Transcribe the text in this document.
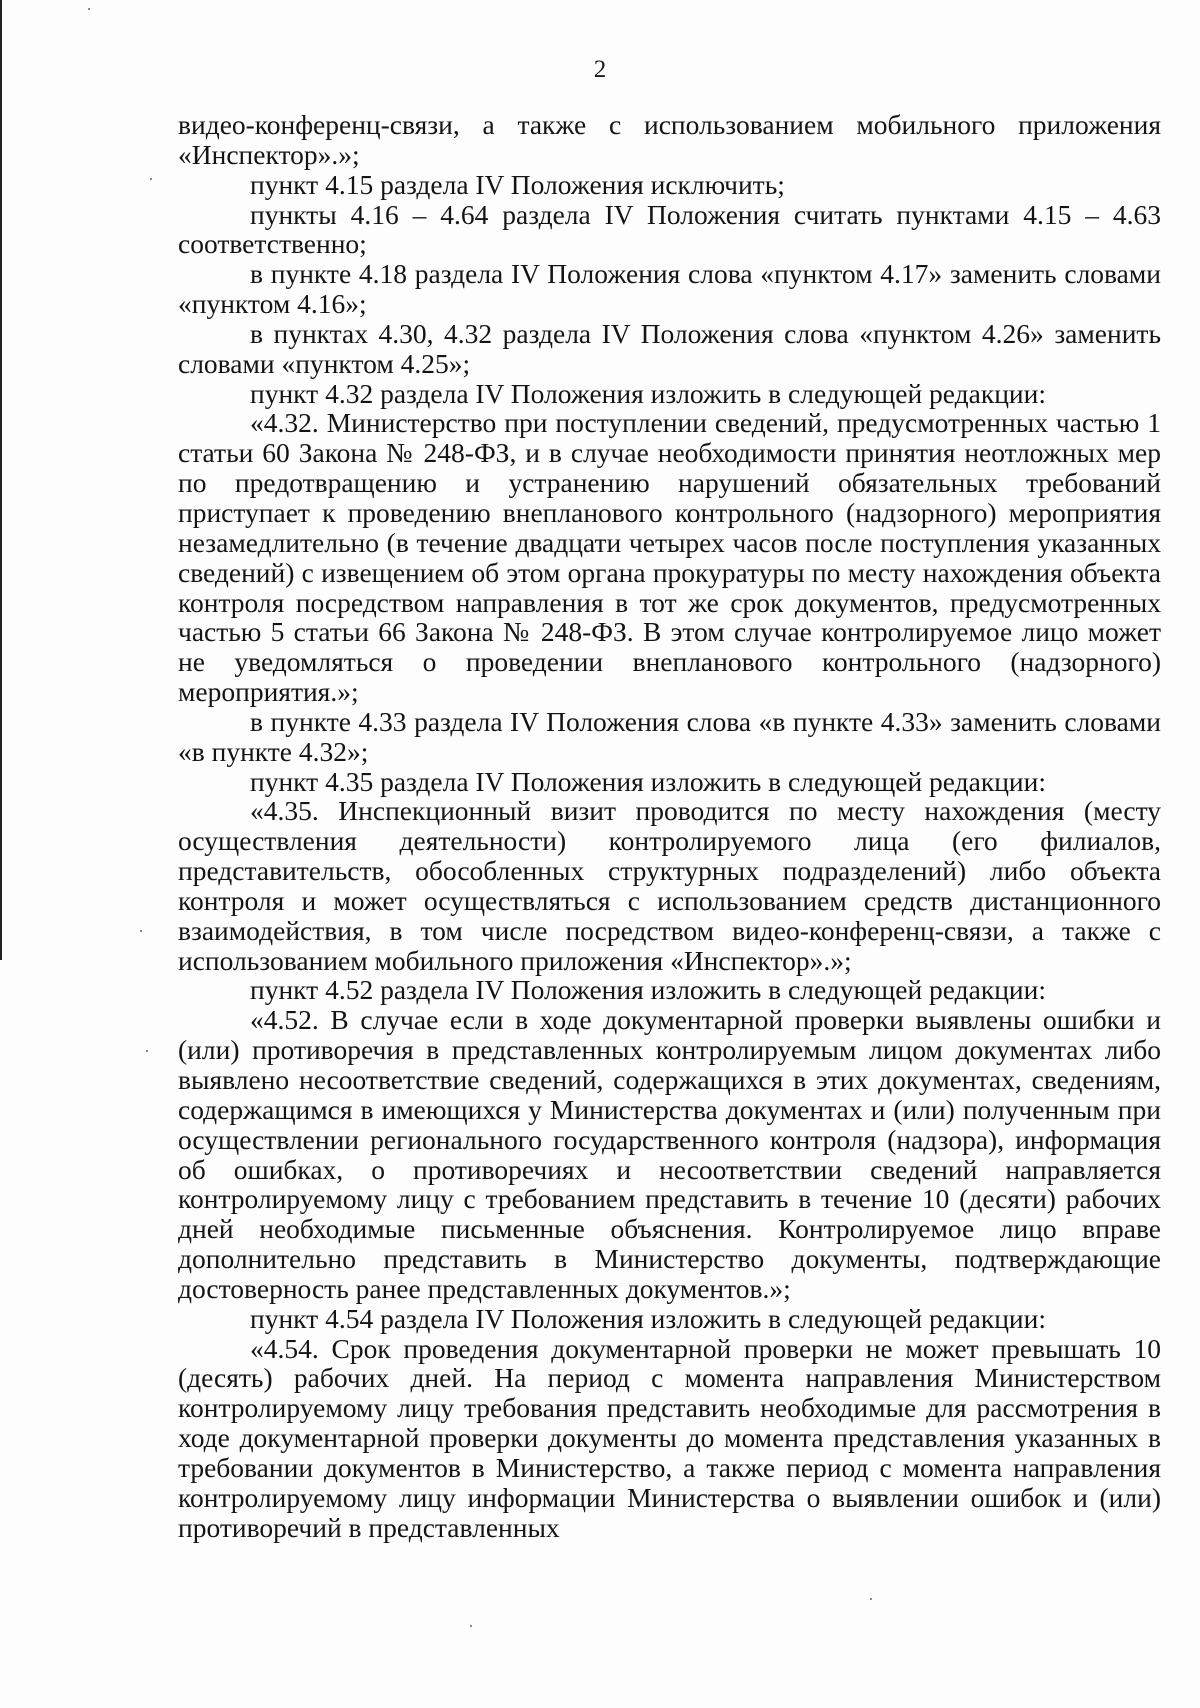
2

видео-конференц-связи, а также с использованием мобильного приложения «Инспектор».»;

пункт 4.15 раздела IV Положения исключить;

пункты 4.16 – 4.64 раздела IV Положения считать пунктами 4.15 – 4.63 соответственно;

в пункте 4.18 раздела IV Положения слова «пунктом 4.17» заменить словами «пунктом 4.16»;

в пунктах 4.30, 4.32 раздела IV Положения слова «пунктом 4.26» заменить словами «пунктом 4.25»;

пункт 4.32 раздела IV Положения изложить в следующей редакции:

«4.32. Министерство при поступлении сведений, предусмотренных частью 1 статьи 60 Закона № 248-ФЗ, и в случае необходимости принятия неотложных мер по предотвращению и устранению нарушений обязательных требований приступает к проведению внепланового контрольного (надзорного) мероприятия незамедлительно (в течение двадцати четырех часов после поступления указанных сведений) с извещением об этом органа прокуратуры по месту нахождения объекта контроля посредством направления в тот же срок документов, предусмотренных частью 5 статьи 66 Закона № 248-ФЗ. В этом случае контролируемое лицо может не уведомляться о проведении внепланового контрольного (надзорного) мероприятия.»;

в пункте 4.33 раздела IV Положения слова «в пункте 4.33» заменить словами «в пункте 4.32»;

пункт 4.35 раздела IV Положения изложить в следующей редакции:

«4.35. Инспекционный визит проводится по месту нахождения (месту осуществления деятельности) контролируемого лица (его филиалов, представительств, обособленных структурных подразделений) либо объекта контроля и может осуществляться с использованием средств дистанционного взаимодействия, в том числе посредством видео-конференц-связи, а также с использованием мобильного приложения «Инспектор».»;

пункт 4.52 раздела IV Положения изложить в следующей редакции:

«4.52. В случае если в ходе документарной проверки выявлены ошибки и (или) противоречия в представленных контролируемым лицом документах либо выявлено несоответствие сведений, содержащихся в этих документах, сведениям, содержащимся в имеющихся у Министерства документах и (или) полученным при осуществлении регионального государственного контроля (надзора), информация об ошибках, о противоречиях и несоответствии сведений направляется контролируемому лицу с требованием представить в течение 10 (десяти) рабочих дней необходимые письменные объяснения. Контролируемое лицо вправе дополнительно представить в Министерство документы, подтверждающие достоверность ранее представленных документов.»;

пункт 4.54 раздела IV Положения изложить в следующей редакции:

«4.54. Срок проведения документарной проверки не может превышать 10 (десять) рабочих дней. На период с момента направления Министерством контролируемому лицу требования представить необходимые для рассмотрения в ходе документарной проверки документы до момента представления указанных в требовании документов в Министерство, а также период с момента направления контролируемому лицу информации Министерства о выявлении ошибок и (или) противоречий в представленных
